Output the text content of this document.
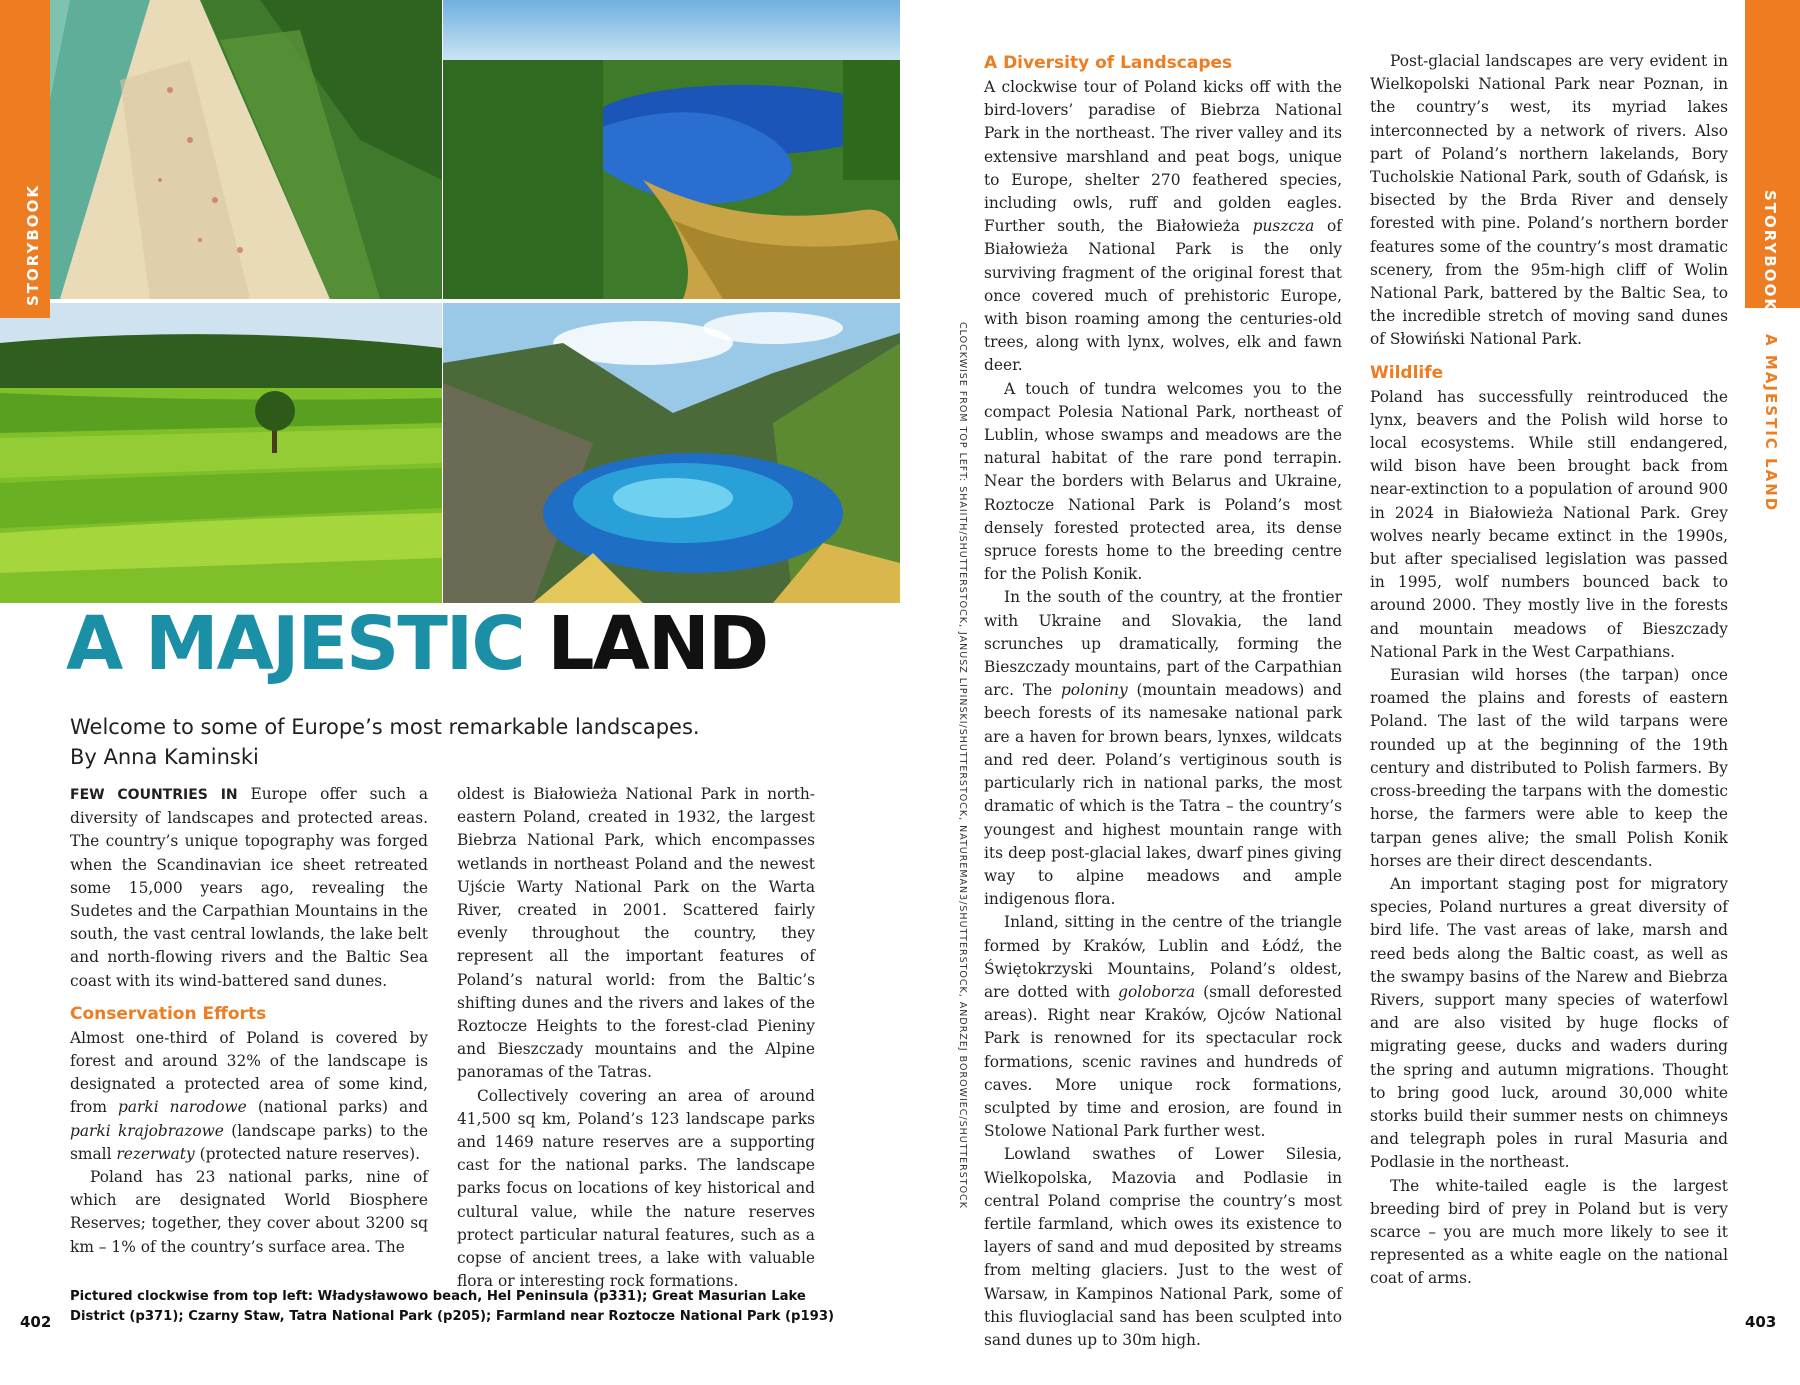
STORYBOOK	STORYBOOK
A MAJESTIC LAND
A MAJESTIC LAND
Welcome to some of Europe’s most remarkable landscapes.
By Anna Kaminski

FEW COUNTRIES IN Europe offer such a diversity of landscapes and protected areas. The country’s unique topography was forged when the Scandinavian ice sheet retreated some 15,000 years ago, revealing the Sudetes and the Carpathian Mountains in the south, the vast central lowlands, the lake belt and north-flowing rivers and the Baltic Sea coast with its wind-battered sand dunes.

Conservation Efforts

Almost one-third of Poland is covered by forest and around 32% of the landscape is designated a protected area of some kind, from parki narodowe (national parks) and parki krajobrazowe (landscape parks) to the small rezerwaty (protected nature reserves).

Poland has 23 national parks, nine of which are designated World Biosphere Reserves; together, they cover about 3200 sq km – 1% of the country’s surface area. The

oldest is Białowieża National Park in north-eastern Poland, created in 1932, the largest Biebrza National Park, which encompasses wetlands in northeast Poland and the newest Ujście Warty National Park on the Warta River, created in 2001. Scattered fairly evenly throughout the country, they represent all the important features of Poland’s natural world: from the Baltic’s shifting dunes and the rivers and lakes of the Roztocze Heights to the forest-clad Pieniny and Bieszczady mountains and the Alpine panoramas of the Tatras.

Collectively covering an area of around 41,500 sq km, Poland’s 123 landscape parks and 1469 nature reserves are a supporting cast for the national parks. The landscape parks focus on locations of key historical and cultural value, while the nature reserves protect particular natural features, such as a copse of ancient trees, a lake with valuable flora or interesting rock formations.

Pictured clockwise from top left: Władysławowo beach, Hel Peninsula (p331); Great Masurian Lake District (p371); Czarny Staw, Tatra National Park (p205); Farmland near Roztocze National Park (p193)
CLOCKWISE FROM TOP LEFT: SHAIITH/SHUTTERSTOCK, JANUSZ LIPINSKI/SHUTTERSTOCK, NATUREMAN3/SHUTTERSTOCK, ANDRZEJ BOROWIEC/SHUTTERSTOCK
402	403
A Diversity of Landscapes

A clockwise tour of Poland kicks off with the bird-lovers’ paradise of Biebrza National Park in the northeast. The river valley and its extensive marshland and peat bogs, unique to Europe, shelter 270 feathered species, including owls, ruff and golden eagles. Further south, the Białowieża puszcza of Białowieża National Park is the only surviving fragment of the original forest that once covered much of prehistoric Europe, with bison roaming among the centuries-old trees, along with lynx, wolves, elk and fawn deer.

A touch of tundra welcomes you to the compact Polesia National Park, northeast of Lublin, whose swamps and meadows are the natural habitat of the rare pond terrapin. Near the borders with Belarus and Ukraine, Roztocze National Park is Poland’s most densely forested protected area, its dense spruce forests home to the breeding centre for the Polish Konik.

In the south of the country, at the frontier with Ukraine and Slovakia, the land scrunches up dramatically, forming the Bieszczady mountains, part of the Carpathian arc. The poloniny (mountain meadows) and beech forests of its namesake national park are a haven for brown bears, lynxes, wildcats and red deer. Poland’s vertiginous south is particularly rich in national parks, the most dramatic of which is the Tatra – the country’s youngest and highest mountain range with its deep post-glacial lakes, dwarf pines giving way to alpine meadows and ample indigenous flora.

Inland, sitting in the centre of the triangle formed by Kraków, Lublin and Łódź, the Świętokrzyski Mountains, Poland’s oldest, are dotted with goloborza (small deforested areas). Right near Kraków, Ojców National Park is renowned for its spectacular rock formations, scenic ravines and hundreds of caves. More unique rock formations, sculpted by time and erosion, are found in Stolowe National Park further west.

Lowland swathes of Lower Silesia, Wielkopolska, Mazovia and Podlasie in central Poland comprise the country’s most fertile farmland, which owes its existence to layers of sand and mud deposited by streams from melting glaciers. Just to the west of Warsaw, in Kampinos National Park, some of this fluvioglacial sand has been sculpted into sand dunes up to 30m high.

Post-glacial landscapes are very evident in Wielkopolski National Park near Poznan, in the country’s west, its myriad lakes interconnected by a network of rivers. Also part of Poland’s northern lakelands, Bory Tucholskie National Park, south of Gdańsk, is bisected by the Brda River and densely forested with pine. Poland’s northern border features some of the country’s most dramatic scenery, from the 95m-high cliff of Wolin National Park, battered by the Baltic Sea, to the incredible stretch of moving sand dunes of Słowiński National Park.

Wildlife

Poland has successfully reintroduced the lynx, beavers and the Polish wild horse to local ecosystems. While still endangered, wild bison have been brought back from near-extinction to a population of around 900 in 2024 in Białowieża National Park. Grey wolves nearly became extinct in the 1990s, but after specialised legislation was passed in 1995, wolf numbers bounced back to around 2000. They mostly live in the forests and mountain meadows of Bieszczady National Park in the West Carpathians.

Eurasian wild horses (the tarpan) once roamed the plains and forests of eastern Poland. The last of the wild tarpans were rounded up at the beginning of the 19th century and distributed to Polish farmers. By cross-breeding the tarpans with the domestic horse, the farmers were able to keep the tarpan genes alive; the small Polish Konik horses are their direct descendants.

An important staging post for migratory species, Poland nurtures a great diversity of bird life. The vast areas of lake, marsh and reed beds along the Baltic coast, as well as the swampy basins of the Narew and Biebrza Rivers, support many species of waterfowl and are also visited by huge flocks of migrating geese, ducks and waders during the spring and autumn migrations. Thought to bring good luck, around 30,000 white storks build their summer nests on chimneys and telegraph poles in rural Masuria and Podlasie in the northeast.

The white-tailed eagle is the largest breeding bird of prey in Poland but is very scarce – you are much more likely to see it represented as a white eagle on the national coat of arms.
